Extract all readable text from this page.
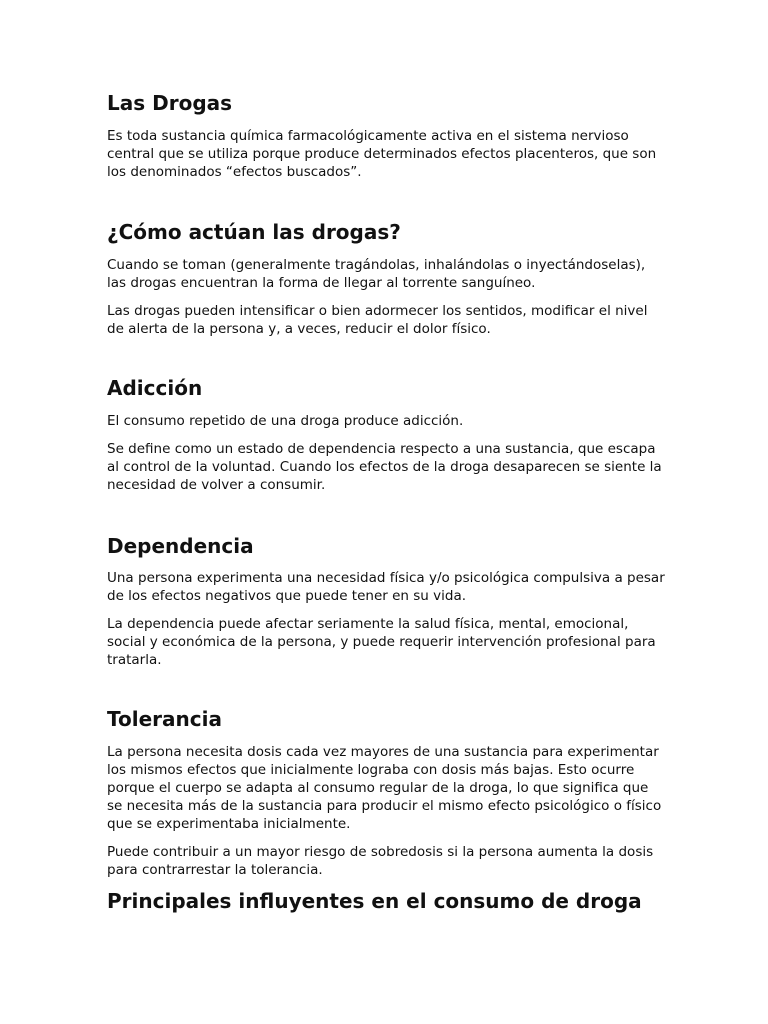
Las Drogas

Es toda sustancia química farmacológicamente activa en el sistema nervioso central que se utiliza porque produce determinados efectos placenteros, que son los denominados “efectos buscados”.

¿Cómo actúan las drogas?

Cuando se toman (generalmente tragándolas, inhalándolas o inyectándoselas), las drogas encuentran la forma de llegar al torrente sanguíneo.

Las drogas pueden intensificar o bien adormecer los sentidos, modificar el nivel de alerta de la persona y, a veces, reducir el dolor físico.

Adicción

El consumo repetido de una droga produce adicción.

Se define como un estado de dependencia respecto a una sustancia, que escapa al control de la voluntad. Cuando los efectos de la droga desaparecen se siente la necesidad de volver a consumir.

Dependencia

Una persona experimenta una necesidad física y/o psicológica compulsiva a pesar de los efectos negativos que puede tener en su vida.

La dependencia puede afectar seriamente la salud física, mental, emocional, social y económica de la persona, y puede requerir intervención profesional para tratarla.

Tolerancia

La persona necesita dosis cada vez mayores de una sustancia para experimentar los mismos efectos que inicialmente lograba con dosis más bajas. Esto ocurre porque el cuerpo se adapta al consumo regular de la droga, lo que significa que se necesita más de la sustancia para producir el mismo efecto psicológico o físico que se experimentaba inicialmente.

Puede contribuir a un mayor riesgo de sobredosis si la persona aumenta la dosis para contrarrestar la tolerancia.

Principales influyentes en el consumo de droga
